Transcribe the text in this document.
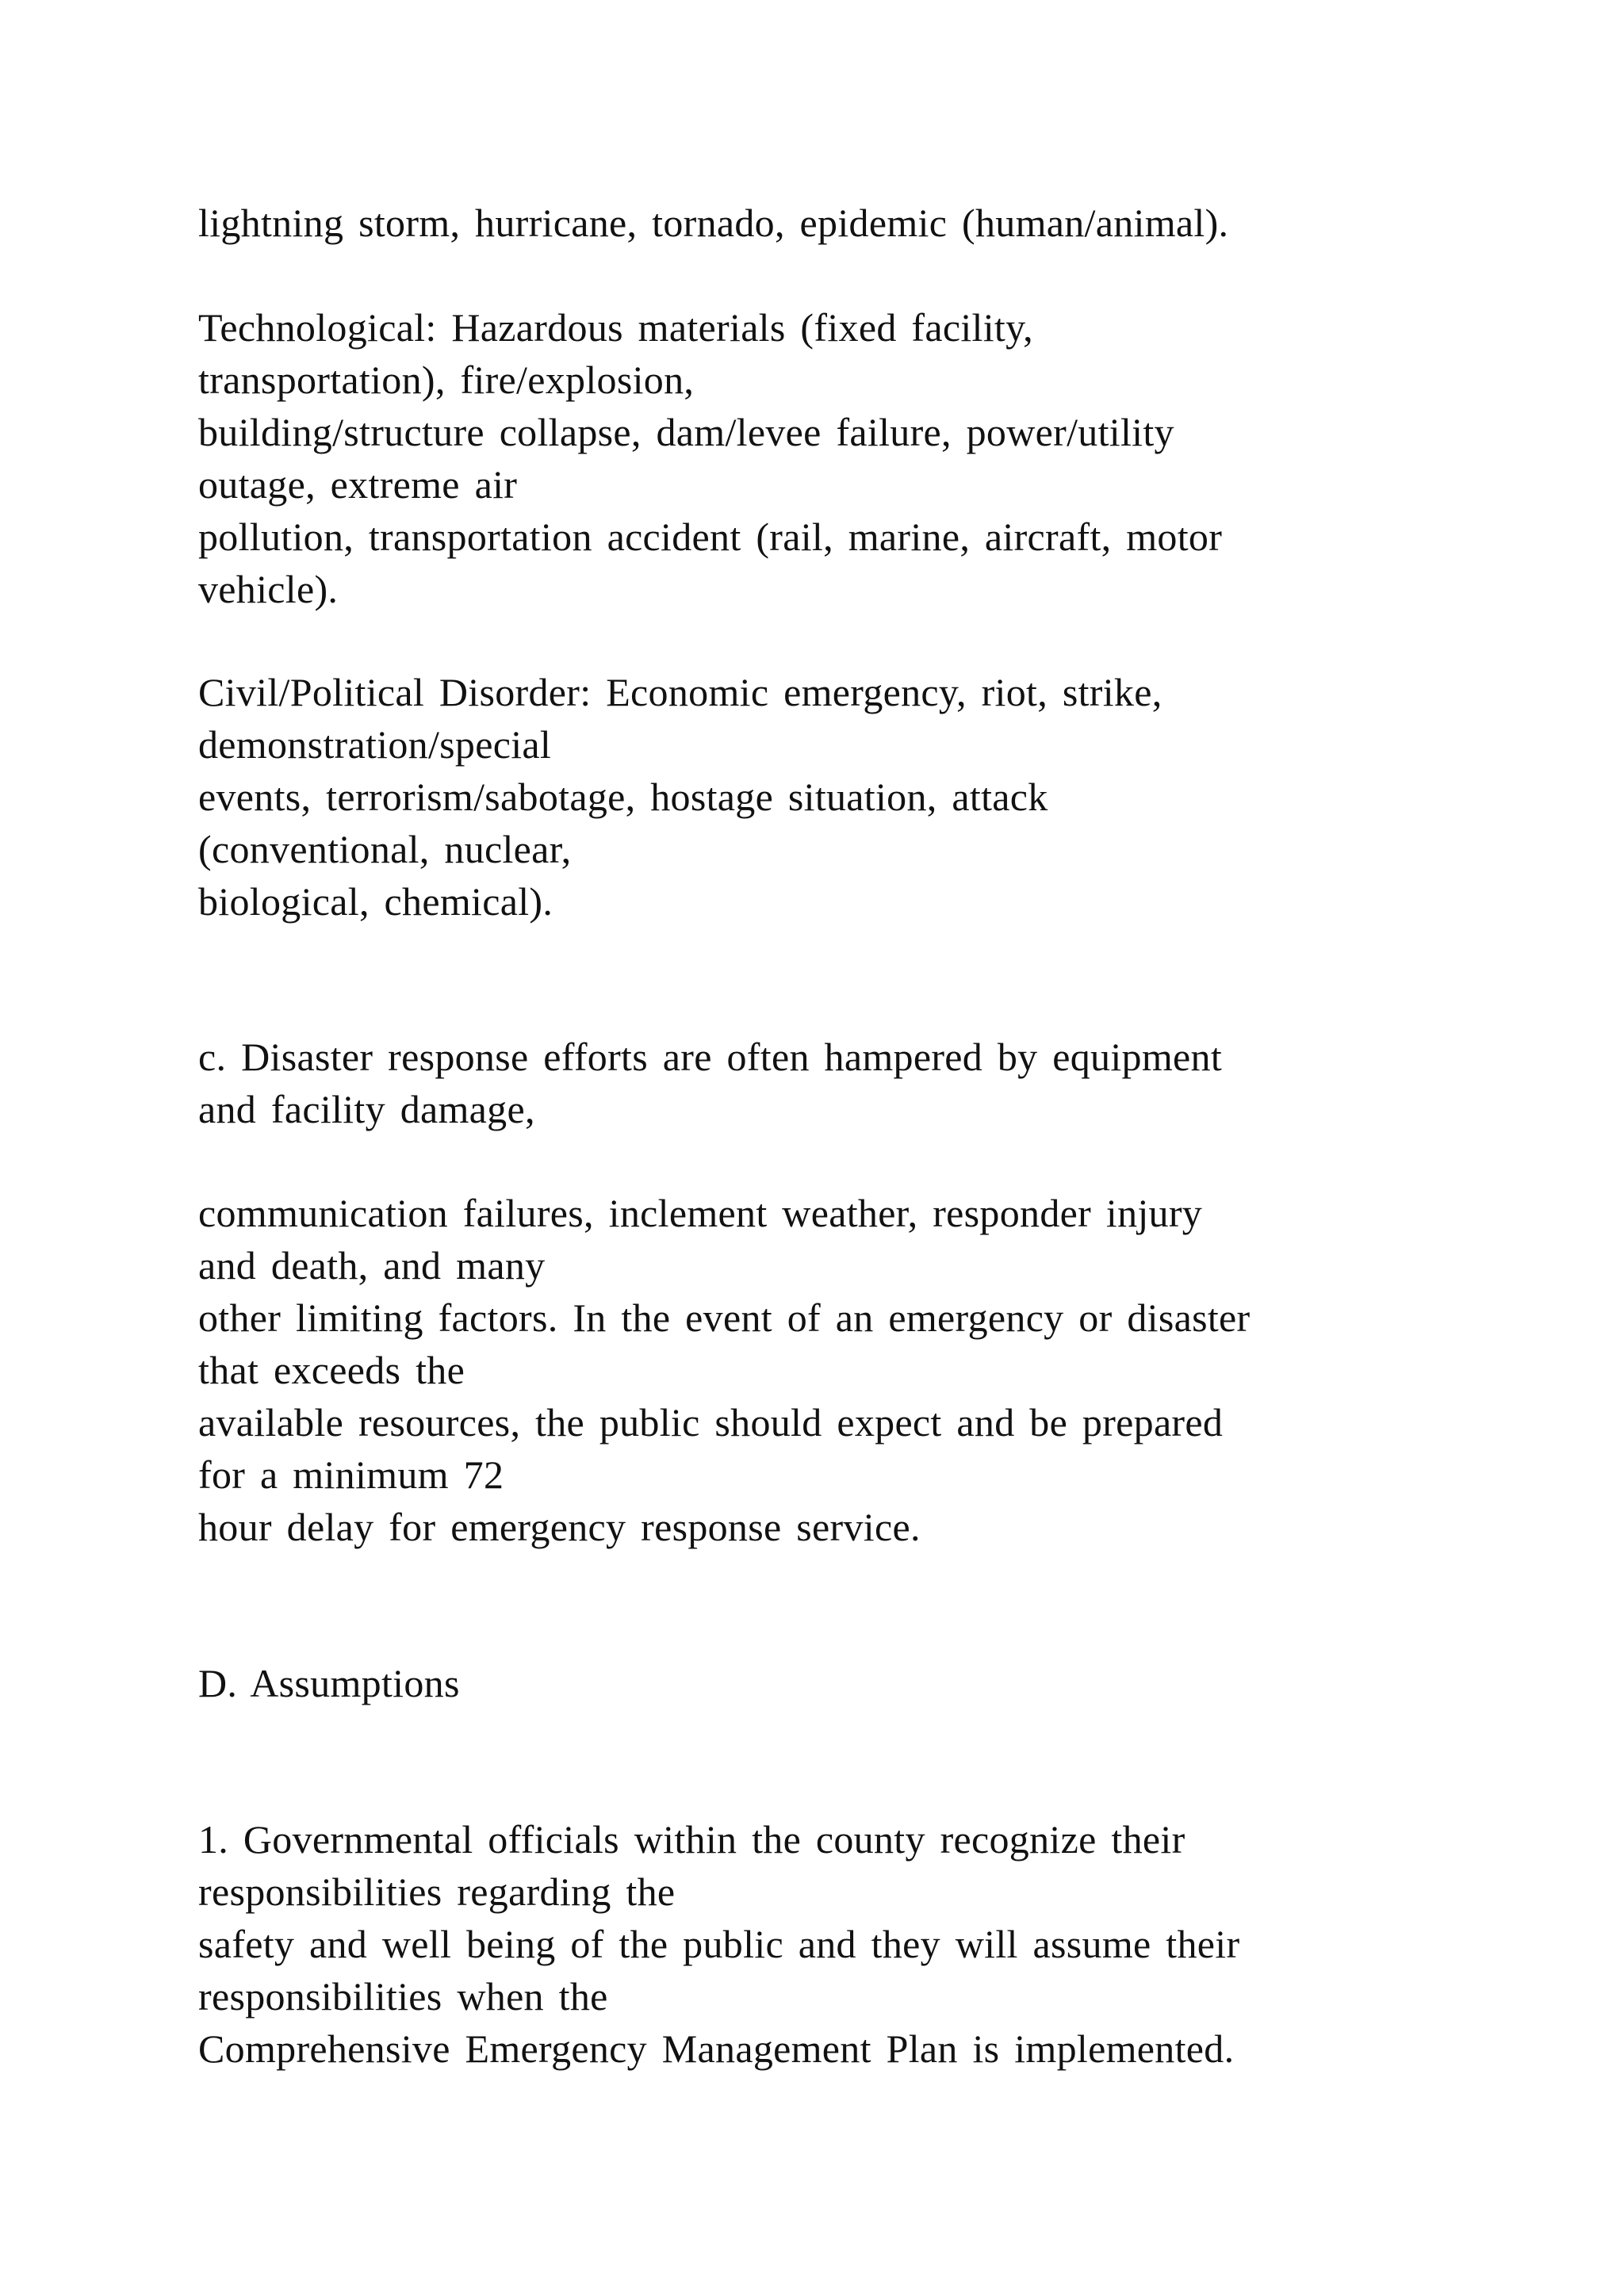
lightning storm, hurricane, tornado, epidemic (human/animal).
Technological: Hazardous materials (fixed facility,
transportation), fire/explosion,
building/structure collapse, dam/levee failure, power/utility
outage, extreme air
pollution, transportation accident (rail, marine, aircraft, motor
vehicle).
Civil/Political Disorder: Economic emergency, riot, strike,
demonstration/special
events, terrorism/sabotage, hostage situation, attack
(conventional, nuclear,
biological, chemical).
c. Disaster response efforts are often hampered by equipment
and facility damage,
communication failures, inclement weather, responder injury
and death, and many
other limiting factors. In the event of an emergency or disaster
that exceeds the
available resources, the public should expect and be prepared
for a minimum 72
hour delay for emergency response service.
D. Assumptions
1. Governmental officials within the county recognize their
responsibilities regarding the
safety and well being of the public and they will assume their
responsibilities when the
Comprehensive Emergency Management Plan is implemented.
